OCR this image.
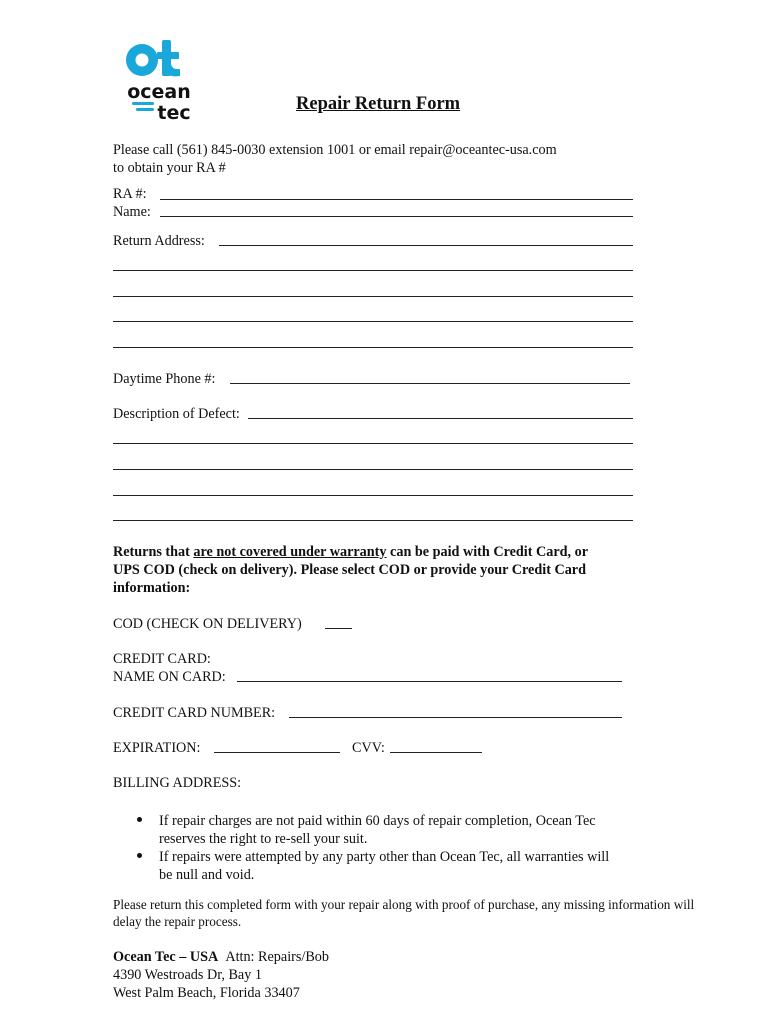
ocean
tec	Repair Return Form
Please call (561) 845-0030 extension 1001 or email repair@oceantec-usa.com
to obtain your RA #
RA #:
Name:
Return Address:
Daytime Phone #:
Description of Defect:
Returns that are not covered under warranty can be paid with Credit Card, or
UPS COD (check on delivery). Please select COD or provide your Credit Card
information:
COD (CHECK ON DELIVERY)
CREDIT CARD:
NAME ON CARD:
CREDIT CARD NUMBER:
EXPIRATION:	CVV:
BILLING ADDRESS:
If repair charges are not paid within 60 days of repair completion, Ocean Tec
reserves the right to re-sell your suit.
If repairs were attempted by any party other than Ocean Tec, all warranties will
be null and void.
Please return this completed form with your repair along with proof of purchase, any missing information will
delay the repair process.
Ocean Tec – USA Attn: Repairs/Bob
4390 Westroads Dr, Bay 1
West Palm Beach, Florida 33407
